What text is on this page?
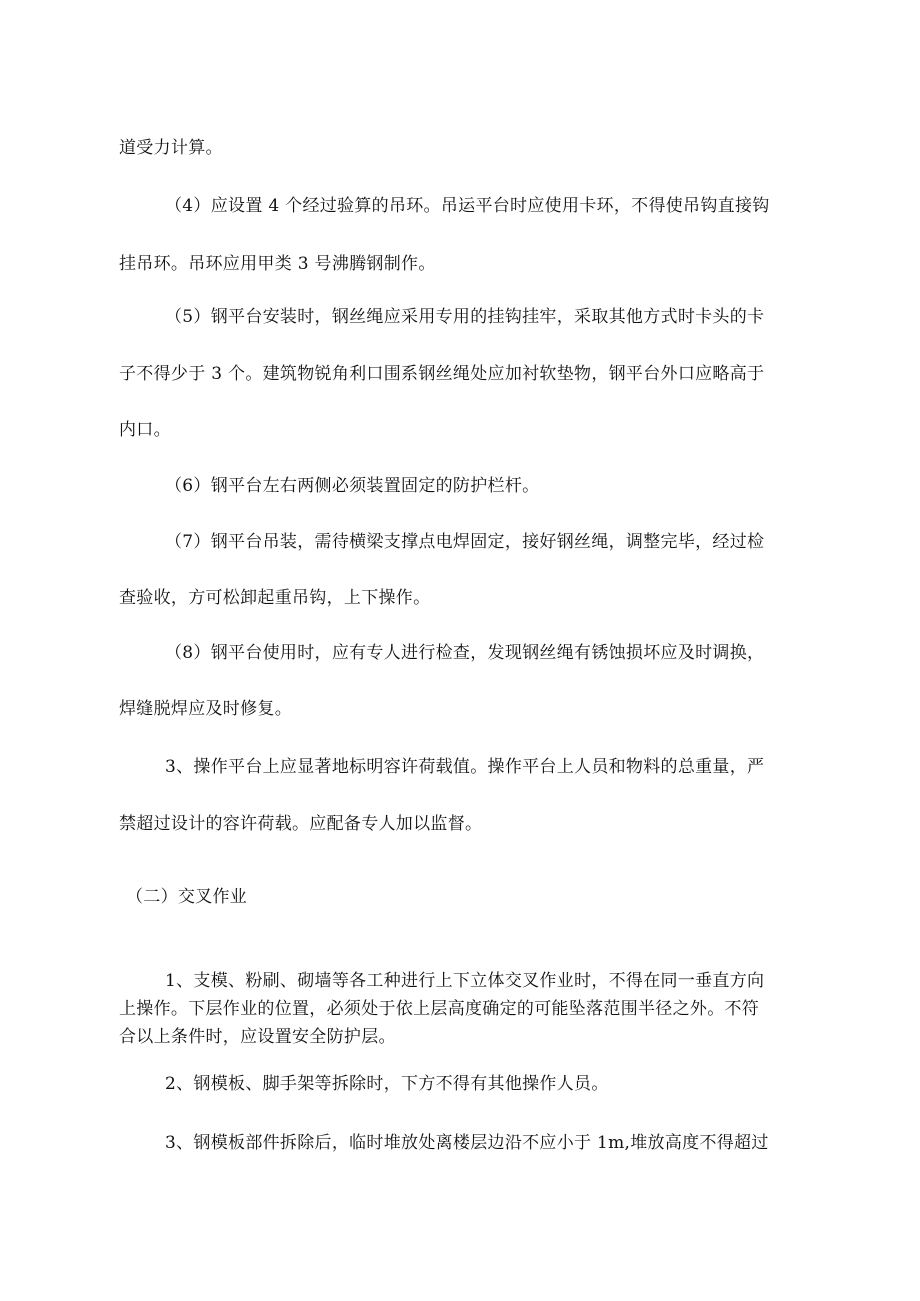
道受力计算。
（4）应设置 4 个经过验算的吊环。吊运平台时应使用卡环，不得使吊钩直接钩
挂吊环。吊环应用甲类 3 号沸腾钢制作。
（5）钢平台安装时，钢丝绳应采用专用的挂钩挂牢，采取其他方式时卡头的卡
子不得少于 3 个。建筑物锐角利口围系钢丝绳处应加衬软垫物，钢平台外口应略高于
内口。
（6）钢平台左右两侧必须装置固定的防护栏杆。
（7）钢平台吊装，需待横梁支撑点电焊固定，接好钢丝绳，调整完毕，经过检
查验收，方可松卸起重吊钩，上下操作。
（8）钢平台使用时，应有专人进行检查，发现钢丝绳有锈蚀损坏应及时调换，
焊缝脱焊应及时修复。
3、操作平台上应显著地标明容许荷载值。操作平台上人员和物料的总重量，严
禁超过设计的容许荷载。应配备专人加以监督。
（二）交叉作业
1、支模、粉刷、砌墙等各工种进行上下立体交叉作业时，不得在同一垂直方向
上操作。下层作业的位置，必须处于依上层高度确定的可能坠落范围半径之外。不符
合以上条件时，应设置安全防护层。
2、钢模板、脚手架等拆除时，下方不得有其他操作人员。
3、钢模板部件拆除后，临时堆放处离楼层边沿不应小于 1m,堆放高度不得超过
